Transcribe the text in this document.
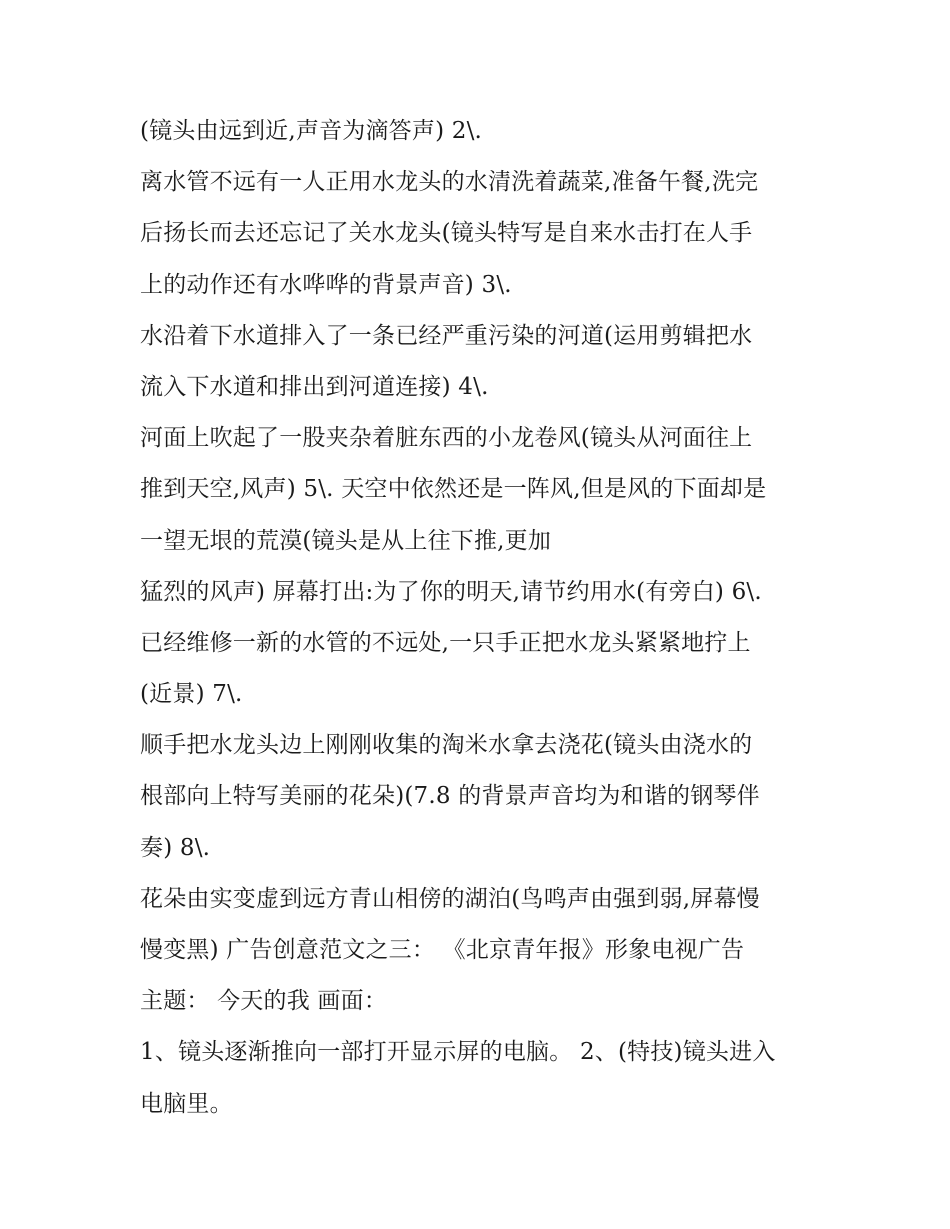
(镜头由远到近,声音为滴答声) 2\.
离水管不远有一人正用水龙头的水清洗着蔬菜,准备午餐,洗完
后扬长而去还忘记了关水龙头(镜头特写是自来水击打在人手
上的动作还有水哗哗的背景声音) 3\.
水沿着下水道排入了一条已经严重污染的河道(运用剪辑把水
流入下水道和排出到河道连接) 4\.
河面上吹起了一股夹杂着脏东西的小龙卷风(镜头从河面往上
推到天空,风声) 5\. 天空中依然还是一阵风,但是风的下面却是
一望无垠的荒漠(镜头是从上往下推,更加
猛烈的风声) 屏幕打出:为了你的明天,请节约用水(有旁白) 6\.
已经维修一新的水管的不远处,一只手正把水龙头紧紧地拧上
(近景) 7\.
顺手把水龙头边上刚刚收集的淘米水拿去浇花(镜头由浇水的
根部向上特写美丽的花朵)(7.8 的背景声音均为和谐的钢琴伴
奏) 8\.
花朵由实变虚到远方青山相傍的湖泊(鸟鸣声由强到弱,屏幕慢
慢变黑) 广告创意范文之三： 《北京青年报》形象电视广告
主题： 今天的我 画面：
1、镜头逐渐推向一部打开显示屏的电脑。 2、(特技)镜头进入
电脑里。
